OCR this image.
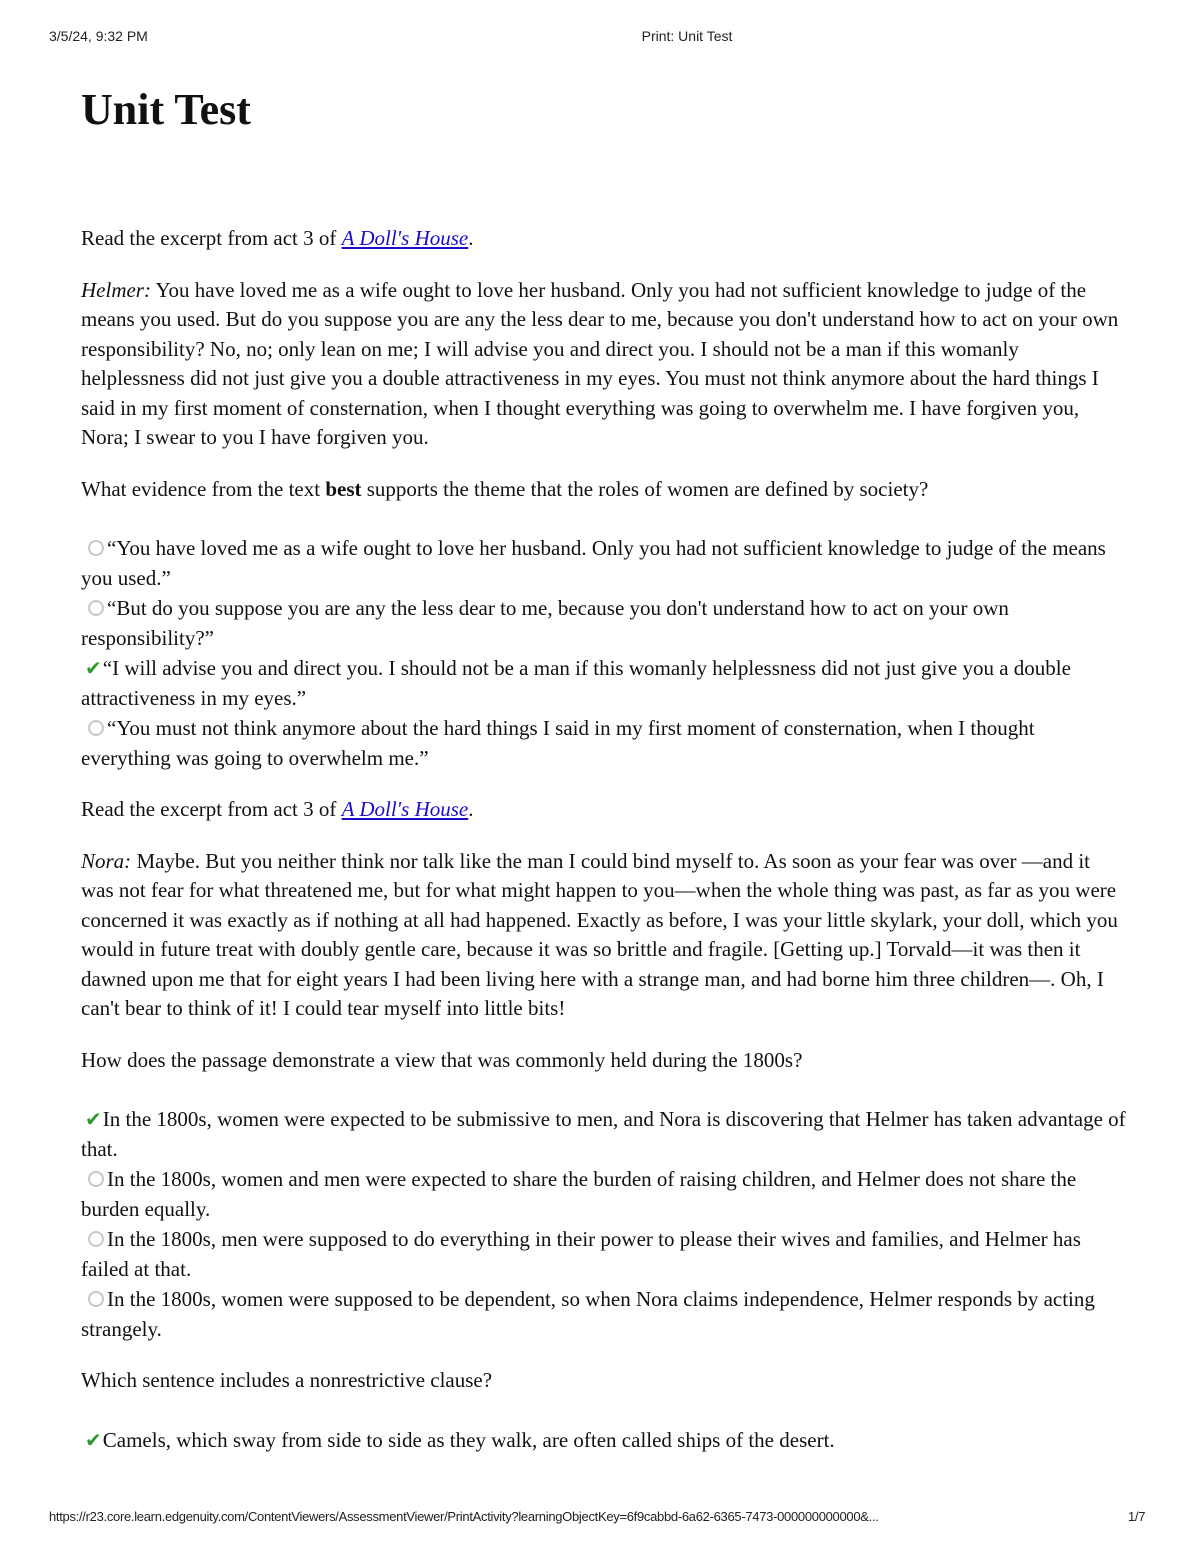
3/5/24, 9:32 PM	Print: Unit Test
Unit Test

Read the excerpt from act 3 of A Doll's House.

Helmer: You have loved me as a wife ought to love her husband. Only you had not sufficient knowledge to judge of the means you used. But do you suppose you are any the less dear to me, because you don't understand how to act on your own responsibility? No, no; only lean on me; I will advise you and direct you. I should not be a man if this womanly helplessness did not just give you a double attractiveness in my eyes. You must not think anymore about the hard things I said in my first moment of consternation, when I thought everything was going to overwhelm me. I have forgiven you, Nora; I swear to you I have forgiven you.

What evidence from the text best supports the theme that the roles of women are defined by society?

“You have loved me as a wife ought to love her husband. Only you had not sufficient knowledge to judge of the means you used.”
“But do you suppose you are any the less dear to me, because you don't understand how to act on your own responsibility?”
✔“I will advise you and direct you. I should not be a man if this womanly helplessness did not just give you a double attractiveness in my eyes.”
“You must not think anymore about the hard things I said in my first moment of consternation, when I thought everything was going to overwhelm me.”

Read the excerpt from act 3 of A Doll's House.

Nora: Maybe. But you neither think nor talk like the man I could bind myself to. As soon as your fear was over —and it was not fear for what threatened me, but for what might happen to you—when the whole thing was past, as far as you were concerned it was exactly as if nothing at all had happened. Exactly as before, I was your little skylark, your doll, which you would in future treat with doubly gentle care, because it was so brittle and fragile. [Getting up.] Torvald—it was then it dawned upon me that for eight years I had been living here with a strange man, and had borne him three children—. Oh, I can't bear to think of it! I could tear myself into little bits!

How does the passage demonstrate a view that was commonly held during the 1800s?

✔In the 1800s, women were expected to be submissive to men, and Nora is discovering that Helmer has taken advantage of that.
In the 1800s, women and men were expected to share the burden of raising children, and Helmer does not share the burden equally.
In the 1800s, men were supposed to do everything in their power to please their wives and families, and Helmer has failed at that.
In the 1800s, women were supposed to be dependent, so when Nora claims independence, Helmer responds by acting strangely.

Which sentence includes a nonrestrictive clause?

✔Camels, which sway from side to side as they walk, are often called ships of the desert.
https://r23.core.learn.edgenuity.com/ContentViewers/AssessmentViewer/PrintActivity?learningObjectKey=6f9cabbd-6a62-6365-7473-000000000000&...	1/7
